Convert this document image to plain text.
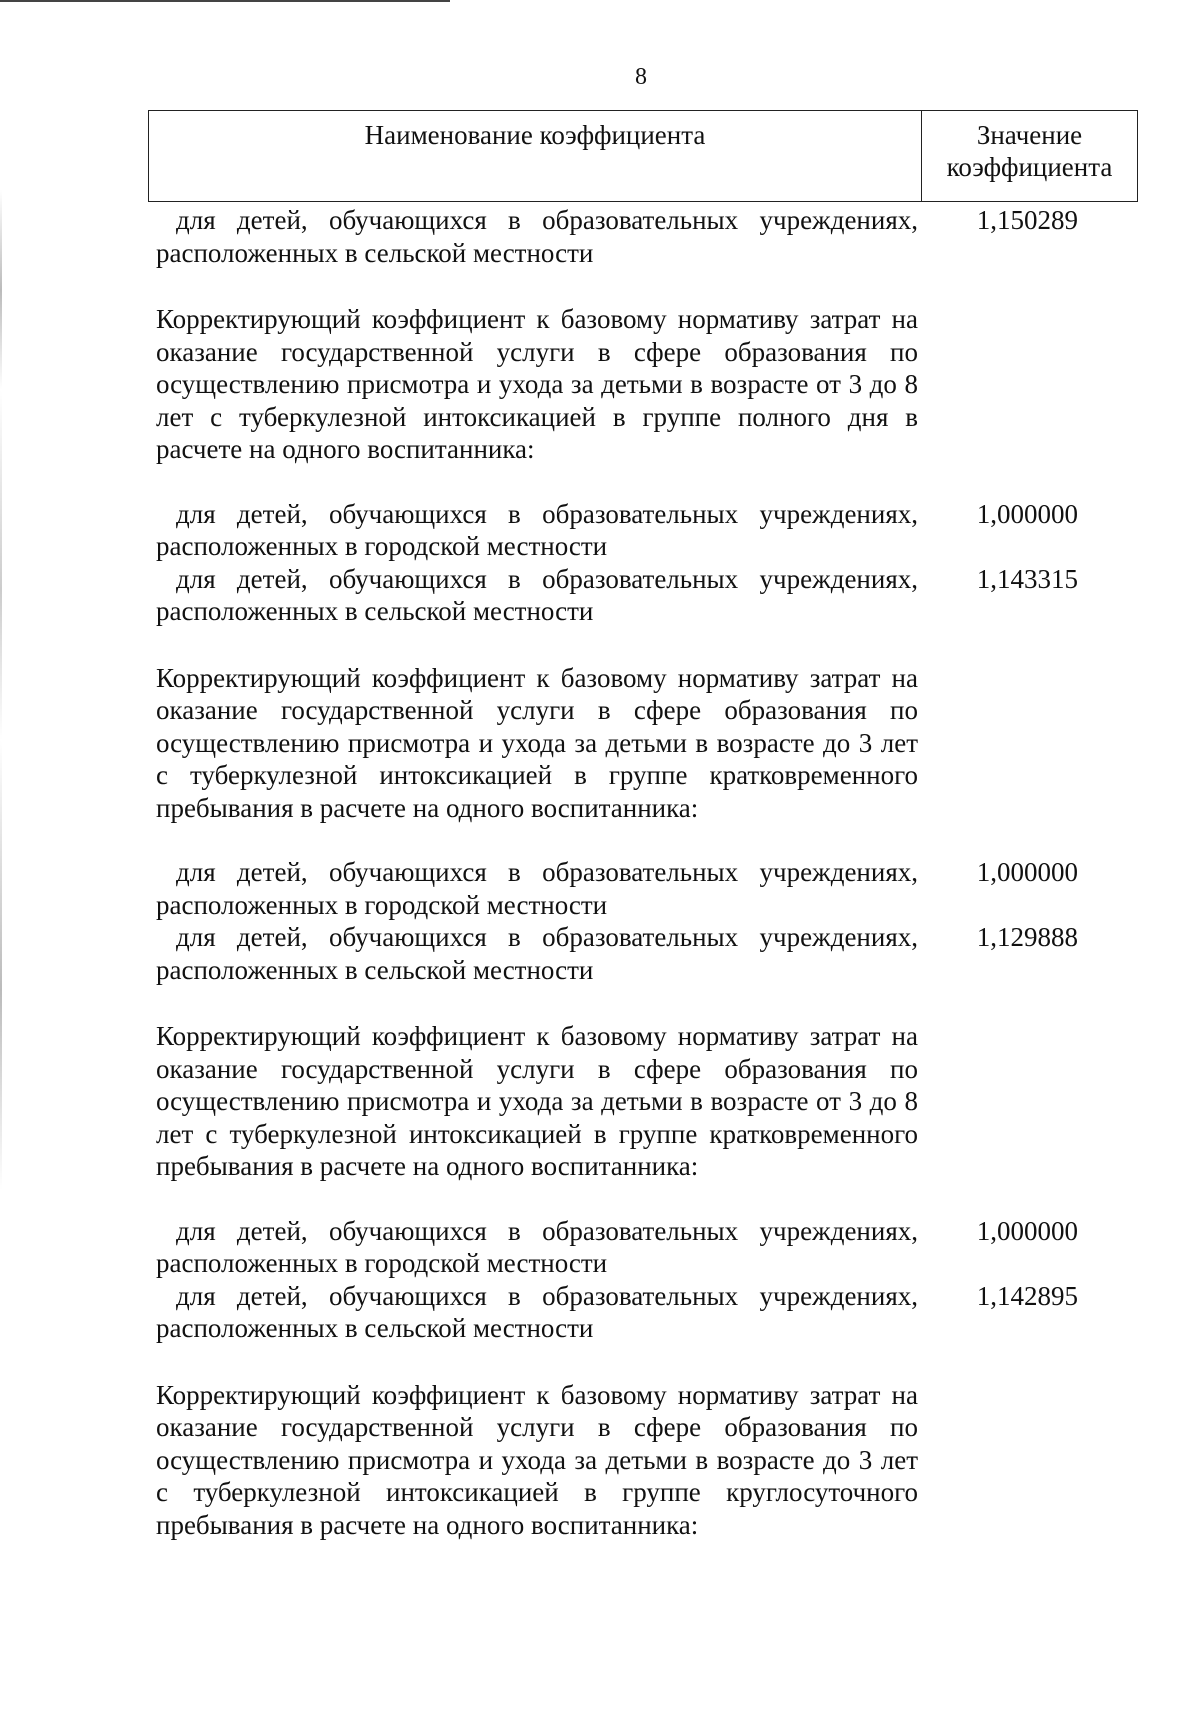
8
Наименование коэффициента	Значение
коэффициента
для детей, обучающихся в образовательных учреждениях, расположенных в сельской местности
1,150289
Корректирующий коэффициент к базовому нормативу затрат на оказание государственной услуги в сфере образования по осуществлению присмотра и ухода за детьми в возрасте от 3 до 8 лет с туберкулезной интоксикацией в группе полного дня в расчете на одного воспитанника:
для детей, обучающихся в образовательных учреждениях, расположенных в городской местности
1,000000
для детей, обучающихся в образовательных учреждениях, расположенных в сельской местности
1,143315
Корректирующий коэффициент к базовому нормативу затрат на оказание государственной услуги в сфере образования по осуществлению присмотра и ухода за детьми в возрасте до 3 лет с туберкулезной интоксикацией в группе кратковременного пребывания в расчете на одного воспитанника:
для детей, обучающихся в образовательных учреждениях, расположенных в городской местности
1,000000
для детей, обучающихся в образовательных учреждениях, расположенных в сельской местности
1,129888
Корректирующий коэффициент к базовому нормативу затрат на оказание государственной услуги в сфере образования по осуществлению присмотра и ухода за детьми в возрасте от 3 до 8 лет с туберкулезной интоксикацией в группе кратковременного пребывания в расчете на одного воспитанника:
для детей, обучающихся в образовательных учреждениях, расположенных в городской местности
1,000000
для детей, обучающихся в образовательных учреждениях, расположенных в сельской местности
1,142895
Корректирующий коэффициент к базовому нормативу затрат на оказание государственной услуги в сфере образования по осуществлению присмотра и ухода за детьми в возрасте до 3 лет с туберкулезной интоксикацией в группе круглосуточного пребывания в расчете на одного воспитанника:
